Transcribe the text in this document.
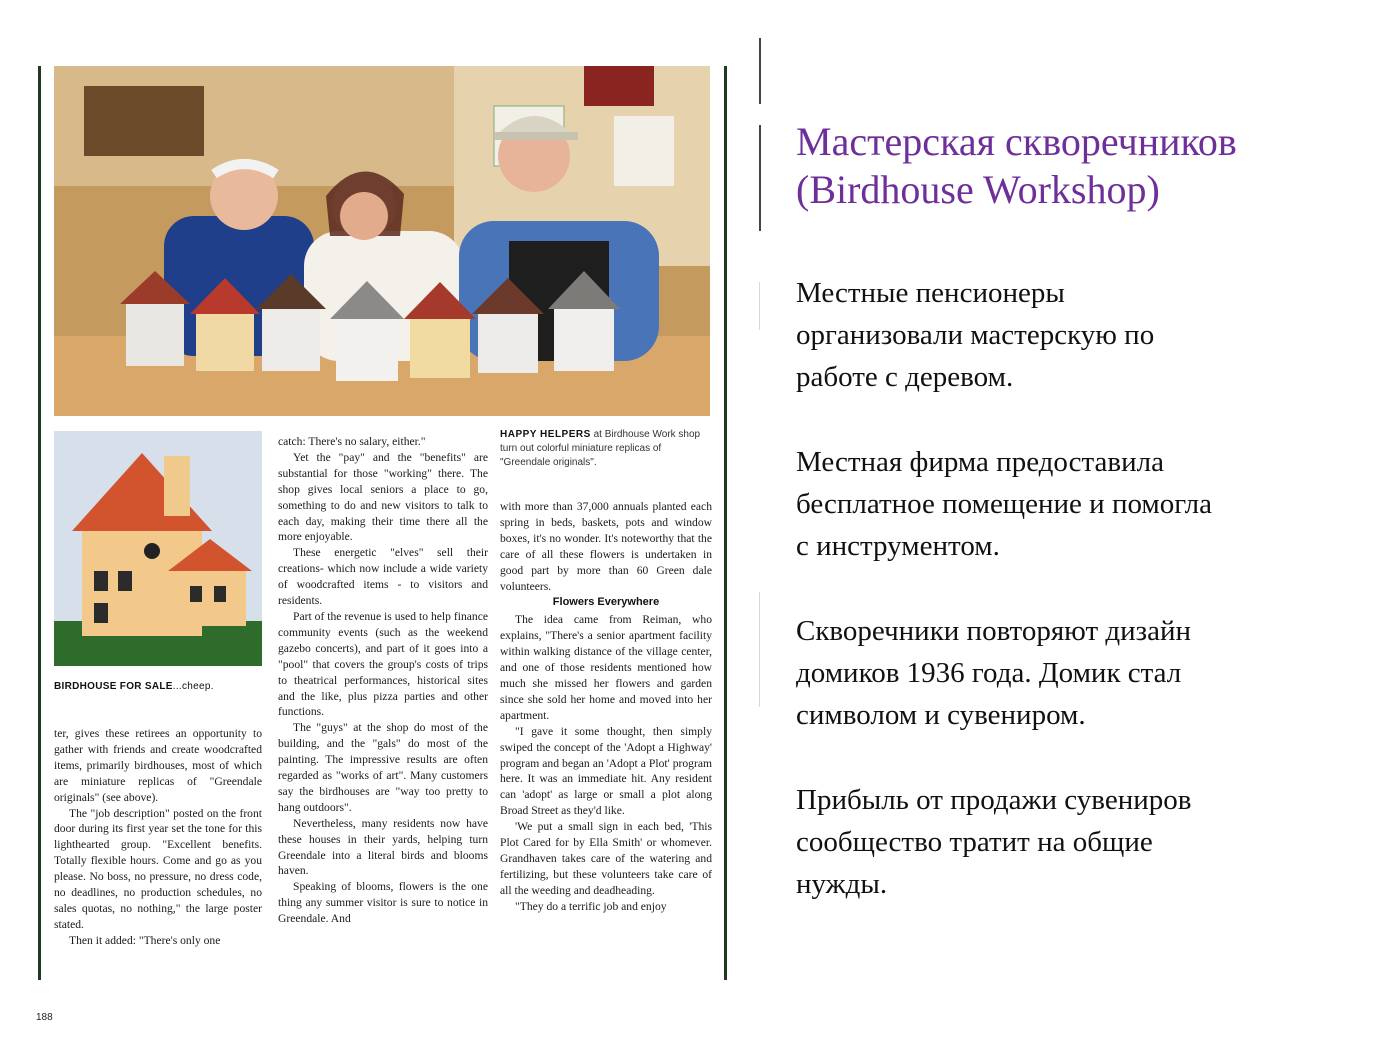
HAPPY HELPERS at Birdhouse Work shop turn out colorful miniature replicas of "Greendale originals".
BIRDHOUSE FOR SALE...cheep.

ter, gives these retirees an opportunity to gather with friends and create woodcrafted items, primarily birdhouses, most of which are miniature replicas of "Greendale originals" (see above).

The "job description" posted on the front door during its first year set the tone for this lighthearted group. "Excellent benefits. Totally flexible hours. Come and go as you please. No boss, no pressure, no dress code, no deadlines, no production schedules, no sales quotas, no nothing," the large poster stated.

Then it added: "There's only one

catch: There's no salary, either."

Yet the "pay" and the "benefits" are substantial for those "working" there. The shop gives local seniors a place to go, something to do and new visitors to talk to each day, making their time there all the more enjoyable.

These energetic "elves" sell their creations- which now include a wide variety of woodcrafted items - to visitors and residents.

Part of the revenue is used to help finance community events (such as the weekend gazebo concerts), and part of it goes into a "pool" that covers the group's costs of trips to theatrical performances, historical sites and the like, plus pizza parties and other functions.

The "guys" at the shop do most of the building, and the "gals" do most of the painting. The impressive results are often regarded as "works of art". Many customers say the birdhouses are "way too pretty to hang outdoors".

Nevertheless, many residents now have these houses in their yards, helping turn Greendale into a literal birds and blooms haven.

Speaking of blooms, flowers is the one thing any summer visitor is sure to notice in Greendale. And

with more than 37,000 annuals planted each spring in beds, baskets, pots and window boxes, it's no wonder. It's noteworthy that the care of all these flowers is undertaken in good part by more than 60 Green dale volunteers.

Flowers Everywhere

The idea came from Reiman, who explains, "There's a senior apartment facility within walking distance of the village center, and one of those residents mentioned how much she missed her flowers and garden since she sold her home and moved into her apartment.

"I gave it some thought, then simply swiped the concept of the 'Adopt a Highway' program and began an 'Adopt a Plot' program here. It was an immediate hit. Any resident can 'adopt' as large or small a plot along Broad Street as they'd like.

'We put a small sign in each bed, 'This Plot Cared for by Ella Smith' or whomever. Grandhaven takes care of the watering and fertilizing, but these volunteers take care of all the weeding and deadheading.

"They do a terrific job and enjoy

188
Мастерская скворечников
(Birdhouse Workshop)
Местные пенсионеры
организовали мастерскую по
работе с деревом.
Местная фирма предоставила
бесплатное помещение и помогла
с инструментом.
Скворечники повторяют дизайн
домиков 1936 года. Домик стал
символом и сувениром.
Прибыль от продажи сувениров
сообщество тратит на общие
нужды.
